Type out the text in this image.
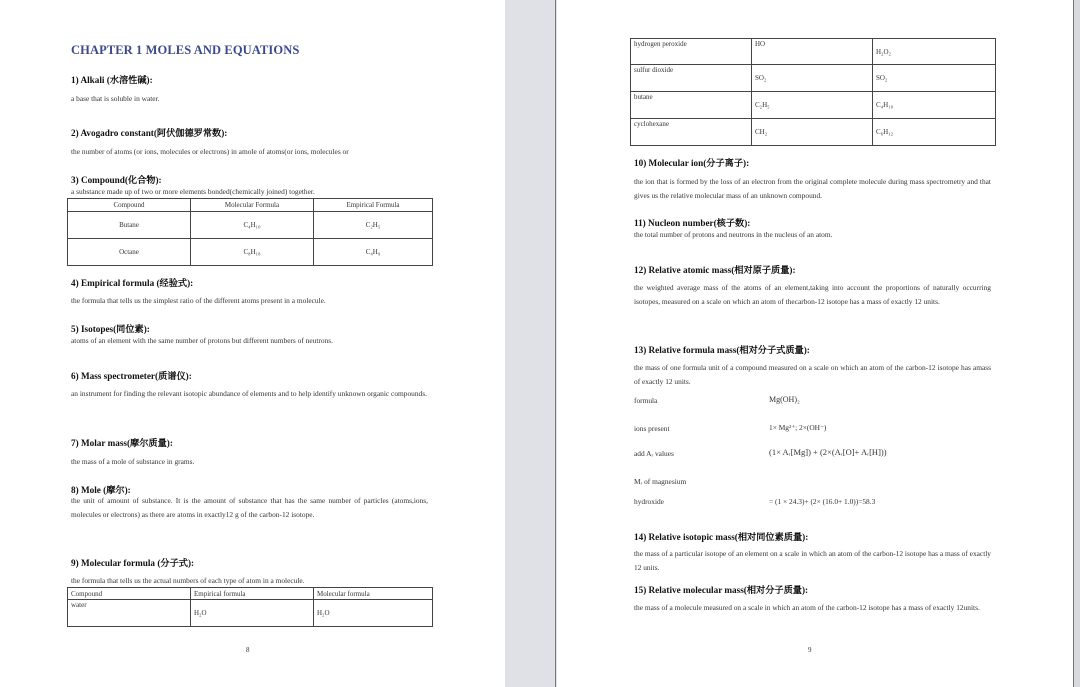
CHAPTER 1 MOLES AND EQUATIONS
1) Alkali (水溶性碱):
a base that is soluble in water.
2) Avogadro constant(阿伏伽德罗常数):
the number of atoms (or ions, molecules or electrons) in amole of atoms(or ions, molecules or
3) Compound(化合物):
a substance made up of two or more elements bonded(chemically joined) together.
Compound	Molecular Formula	Empirical Formula
Butane	C₄H₁₀	C₂H₅
Octane	C₈H₁₈	C₄H₉
4) Empirical formula (经验式):
the formula that tells us the simplest ratio of the different atoms present in a molecule.
5) Isotopes(同位素):
atoms of an element with the same number of protons but different numbers of neutrons.
6) Mass spectrometer(质谱仪):
an instrument for finding the relevant isotopic abundance of elements and to help identify unknown organic compounds.
7) Molar mass(摩尔质量):
the mass of a mole of substance in grams.
8) Mole (摩尔):
the unit of amount of substance. It is the amount of substance that has the same number of particles (atoms,ions, molecules or electrons) as there are atoms in exactly12 g of the carbon-12 isotope.
9) Molecular formula (分子式):
the formula that tells us the actual numbers of each type of atom in a molecule.
Compound	Empirical formula	Molecular formula
water	H₂O	H₂O
8
hydrogen peroxide	HO	H₂O₂
sulfur dioxide	SO₂	SO₂
butane	C₂H₅	C₄H₁₀
cyclohexane	CH₂	C₆H₁₂
10) Molecular ion(分子离子):
the ion that is formed by the loss of an electron from the original complete molecule during mass spectrometry and that gives us the relative molecular mass of an unknown compound.
11) Nucleon number(核子数):
the total number of protons and neutrons in the nucleus of an atom.
12) Relative atomic mass(相对原子质量):
the weighted average mass of the atoms of an element,taking into account the proportions of naturally occurring isotopes, measured on a scale on which an atom of thecarbon-12 isotope has a mass of exactly 12 units.
13) Relative formula mass(相对分子式质量):
the mass of one formula unit of a compound measured on a scale on which an atom of the carbon-12 isotope has amass of exactly 12 units.
formula	Mg(OH)₂
ions present	1× Mg²⁺; 2×(OH⁻)
add Aᵣ values	(1× Aᵣ[Mg]) + (2×(Aᵣ[O]+ Aᵣ[H]))
Mᵣ of magnesium
hydroxide	= (1 × 24.3)+ (2× (16.0+ 1.0))=58.3
14) Relative isotopic mass(相对同位素质量):
the mass of a particular isotope of an element on a scale in which an atom of the carbon-12 isotope has a mass of exactly 12 units.
15) Relative molecular mass(相对分子质量):
the mass of a molecule measured on a scale in which an atom of the carbon-12 isotope has a mass of exactly 12units.
9
